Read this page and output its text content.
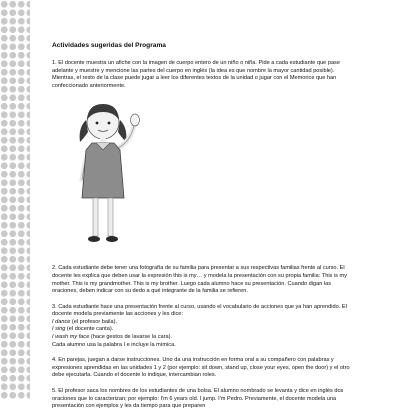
Actividades sugeridas del Programa

1. El docente muestra un afiche con la imagen de cuerpo entero de un niño o niña. Pide a cada estudiante que pase adelante y muestre y mencione las partes del cuerpo en inglés (la idea es que nombre la mayor cantidad posible). Mientras, el resto de la clase puede jugar a leer los diferentes textos de la unidad o jugar con el Memorice que han confeccionado anteriormente.

2. Cada estudiante debe tener una fotografía de su familia para presentar a sus respectivas familias frente al curso. El docente les explica que deben usar la expresión this is my… y modela la presentación con su propia familia: This is my mother. This is my grandmother. This is my brother. Luego cada alumno hace su presentación. Cuando digan las oraciones, deben indicar con su dedo a qué integrante de la familia se refieren.

3. Cada estudiante hace una presentación frente al curso, usando el vocabulario de acciones que ya han aprendido. El docente modela previamente las acciones y les dice:
I dance (el profesor baila).
I sing (el docente canta).
I wash my face (hace gestos de lavarse la cara).
Cada alumno usa la palabra I e incluye la mímica.

4. En parejas, juegan a darse instrucciones. Uno da una instrucción en forma oral a su compañero con palabras y expresiones aprendidas en las unidades 1 y 2 (por ejemplo: sit down, stand up, close your eyes, open the door) y el otro debe ejecutarla. Cuando el docente lo indique, intercambian roles.

5. El profesor saca los nombres de los estudiantes de una bolsa. El alumno nombrado se levanta y dice en inglés dos oraciones que lo caracterizan; por ejemplo: I'm 6 years old. I jump. I'm Pedro. Previamente, el docente modela una presentación con ejemplos y les da tiempo para que preparen
